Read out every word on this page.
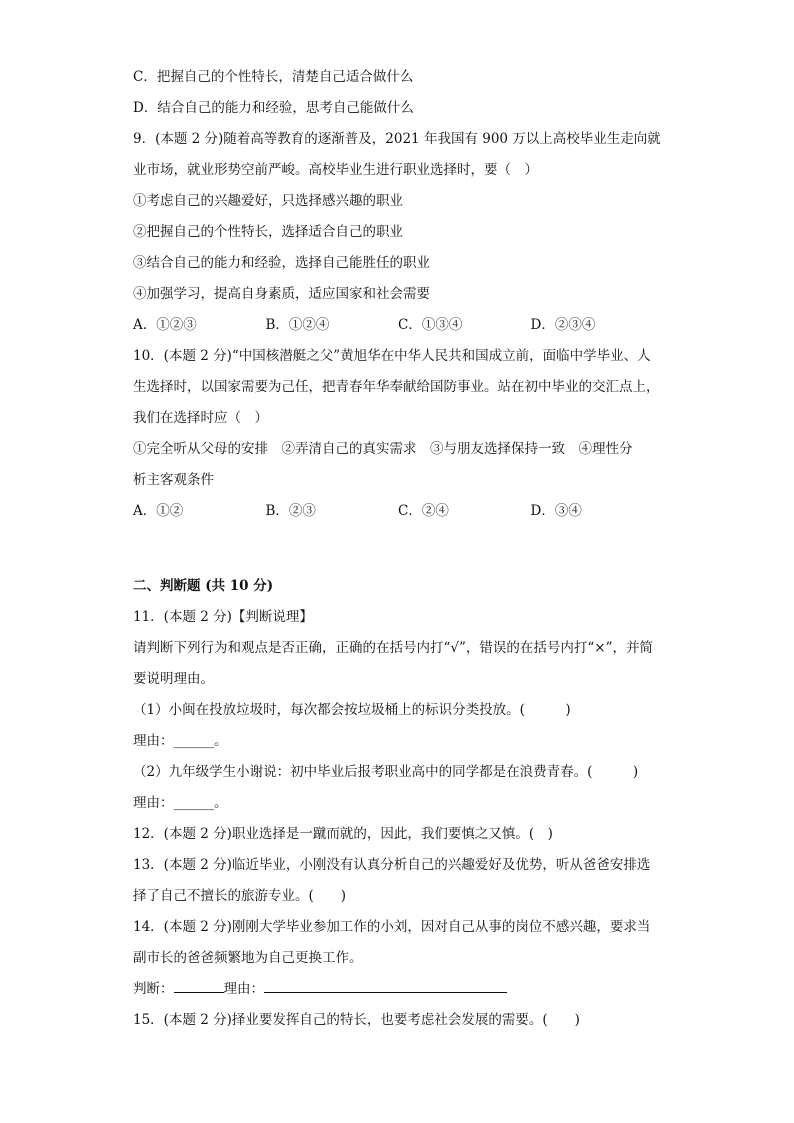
C．把握自己的个性特长，清楚自己适合做什么
D．结合自己的能力和经验，思考自己能做什么
9．(本题 2 分)随着高等教育的逐渐普及，2021 年我国有 900 万以上高校毕业生走向就
业市场，就业形势空前严峻。高校毕业生进行职业选择时，要（　）
①考虑自己的兴趣爱好，只选择感兴趣的职业
②把握自己的个性特长，选择适合自己的职业
③结合自己的能力和经验，选择自己能胜任的职业
④加强学习，提高自身素质，适应国家和社会需要
A．①②③	B．①②④	C．①③④	D．②③④
10．(本题 2 分)“中国核潜艇之父”黄旭华在中华人民共和国成立前，面临中学毕业、人
生选择时，以国家需要为己任，把青春年华奉献给国防事业。站在初中毕业的交汇点上，
我们在选择时应（　）
①完全听从父母的安排　②弄清自己的真实需求　③与朋友选择保持一致　④理性分
析主客观条件
A．①②	B．②③	C．②④	D．③④
二、判断题 (共 10 分)
11．(本题 2 分)【判断说理】
请判断下列行为和观点是否正确，正确的在括号内打“√”，错误的在括号内打“×”，并简
要说明理由。
（1）小闽在投放垃圾时，每次都会按垃圾桶上的标识分类投放。(　　　)
理由：______。
（2）九年级学生小谢说：初中毕业后报考职业高中的同学都是在浪费青春。(　　　)
理由：______。
12．(本题 2 分)职业选择是一蹴而就的，因此，我们要慎之又慎。(　)
13．(本题 2 分)临近毕业，小刚没有认真分析自己的兴趣爱好及优势，听从爸爸安排选
择了自己不擅长的旅游专业。(　　)
14．(本题 2 分)刚刚大学毕业参加工作的小刘，因对自己从事的岗位不感兴趣，要求当
副市长的爸爸频繁地为自己更换工作。
判断：	理由：
15．(本题 2 分)择业要发挥自己的特长，也要考虑社会发展的需要。(　　)
